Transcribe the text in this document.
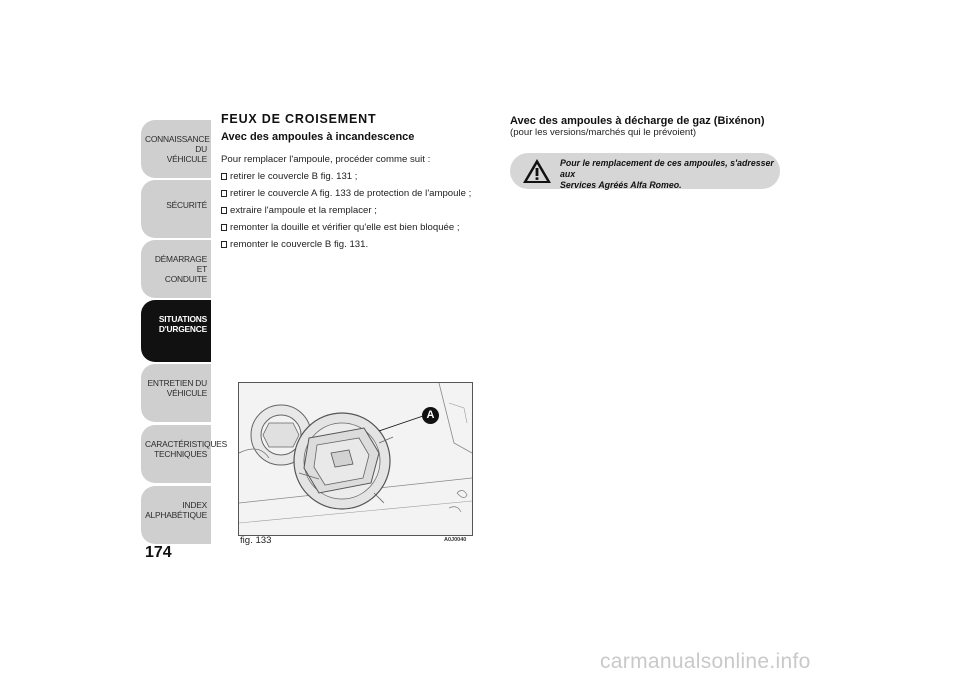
CONNAISSANCE DU
VÉHICULE
SÉCURITÉ
DÉMARRAGE ET
CONDUITE
SITUATIONS
D'URGENCE
ENTRETIEN DU
VÉHICULE
CARACTÉRISTIQUES
TECHNIQUES
INDEX
ALPHABÉTIQUE
174
FEUX DE CROISEMENT
Avec des ampoules à incandescence
Pour remplacer l'ampoule, procéder comme suit :
retirer le couvercle B fig. 131 ;
retirer le couvercle A fig. 133 de protection de l'ampoule ;
extraire l'ampoule et la remplacer ;
remonter la douille et vérifier qu'elle est bien bloquée ;
remonter le couvercle B fig. 131.
A
fig. 133	A0J0040
Avec des ampoules à décharge de gaz (Bixénon)
(pour les versions/marchés qui le prévoient)
Pour le remplacement de ces ampoules, s'adresser aux
Services Agréés Alfa Romeo.
carmanualsonline.info
